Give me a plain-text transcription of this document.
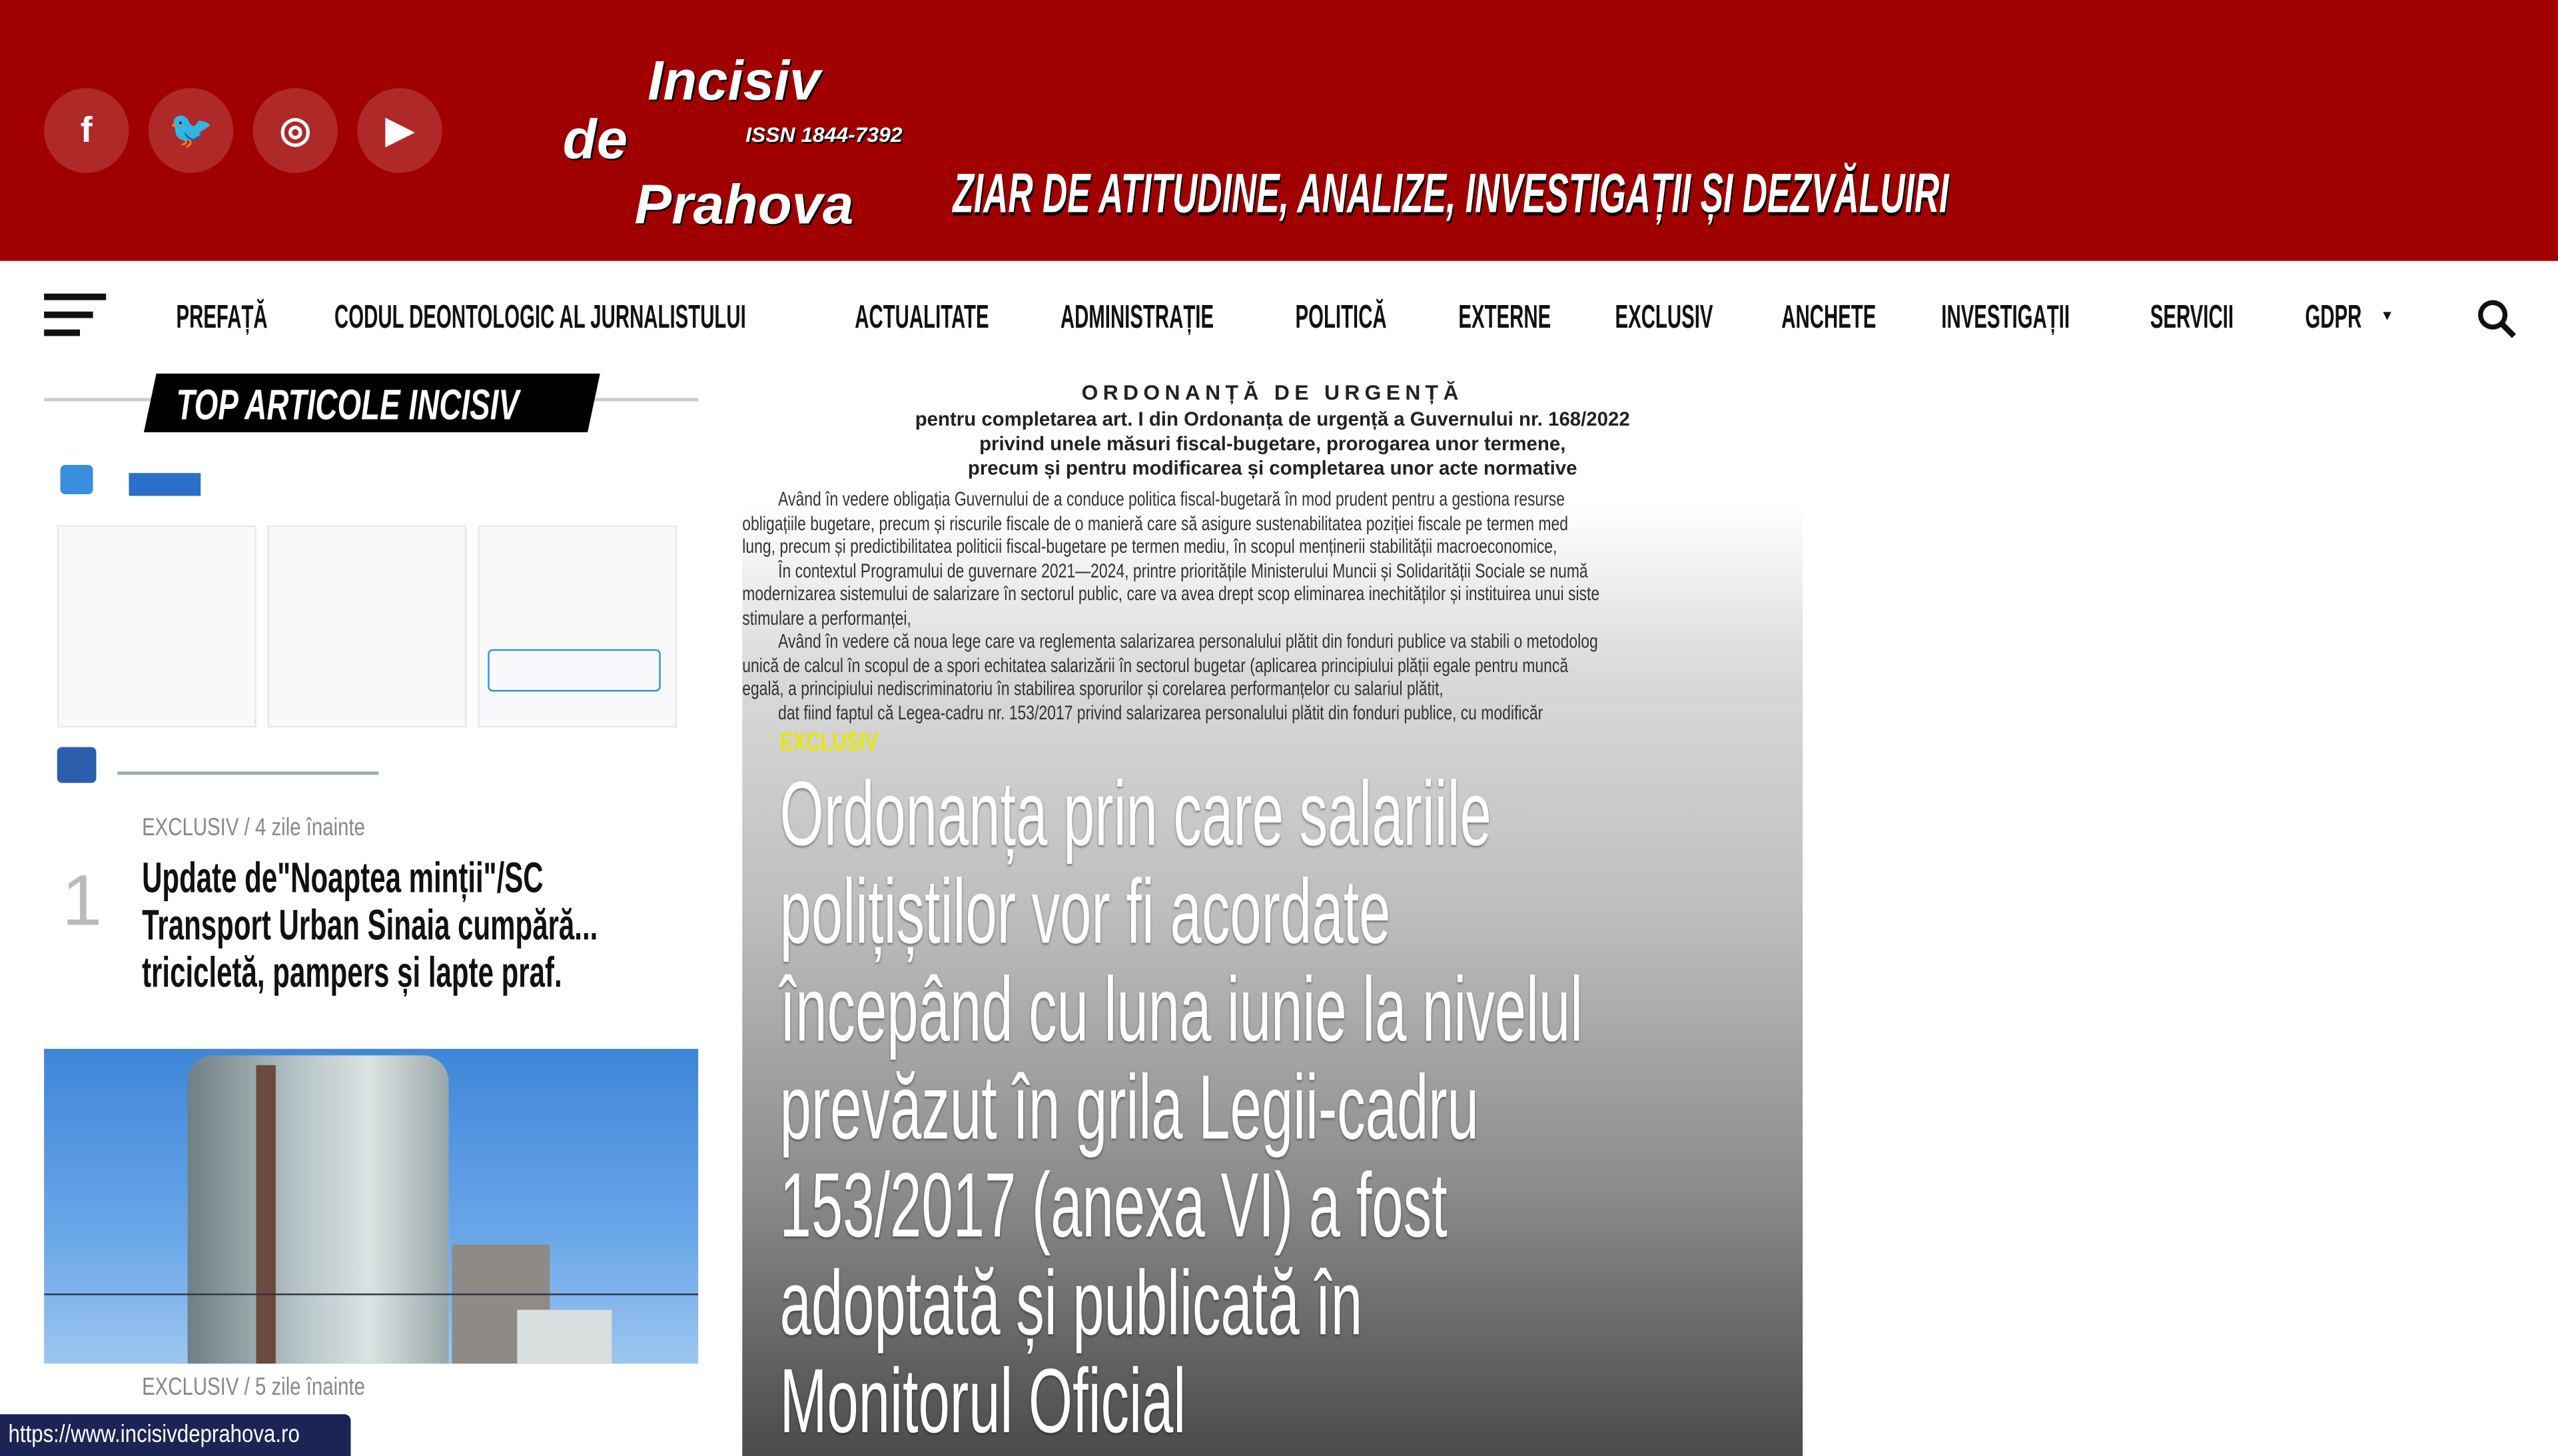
Incisiv
de
Prahova
ISSN 1844-7392
ZIAR DE ATITUDINE, ANALIZE, INVESTIGAȚII ȘI DEZVĂLUIRI
TOP ARTICOLE INCISIV
EXCLUSIV / 4 zile înainte
1 Update de"Noaptea minții"/SC
Transport Urban Sinaia cumpără...
tricicletă, pampers și lapte praf.
EXCLUSIV / 5 zile înainte
ORDONANȚĂ DE URGENȚĂ
pentru completarea art. I din Ordonanța de urgență a Guvernului nr. 168/2022
privind unele măsuri fiscal-bugetare, prorogarea unor termene,
precum și pentru modificarea și completarea unor acte normative
Având în vedere obligația Guvernului de a conduce politica fiscal-bugetară în mod prudent pentru a gestiona resurse
obligațiile bugetare, precum și riscurile fiscale de o manieră care să asigure sustenabilitatea poziției fiscale pe termen med
lung, precum și predictibilitatea politicii fiscal-bugetare pe termen mediu, în scopul menținerii stabilității macroeconomice,
În contextul Programului de guvernare 2021—2024, printre prioritățile Ministerului Muncii și Solidarității Sociale se numă
modernizarea sistemului de salarizare în sectorul public, care va avea drept scop eliminarea inechităților și instituirea unui siste
stimulare a performanței,
Având în vedere că noua lege care va reglementa salarizarea personalului plătit din fonduri publice va stabili o metodolog
unică de calcul în scopul de a spori echitatea salarizării în sectorul bugetar (aplicarea principiului plății egale pentru muncă
egală, a principiului nediscriminatoriu în stabilirea sporurilor și corelarea performanțelor cu salariul plătit,
dat fiind faptul că Legea-cadru nr. 153/2017 privind salarizarea personalului plătit din fonduri publice, cu modificăr
EXCLUSIV
Ordonanța prin care salariile
polițiștilor vor fi acordate
începând cu luna iunie la nivelul
prevăzut în grila Legii-cadru
153/2017 (anexa VI) a fost
adoptată și publicată în
Monitorul Oficial
https://www.incisivdeprahova.ro
f	🐦	◎	▶
PREFAȚĂ	CODUL DEONTOLOGIC AL JURNALISTULUI	ACTUALITATE	ADMINISTRAȚIE	POLITICĂ	EXTERNE	EXCLUSIV	ANCHETE	INVESTIGAȚII	SERVICII	GDPR	▾
